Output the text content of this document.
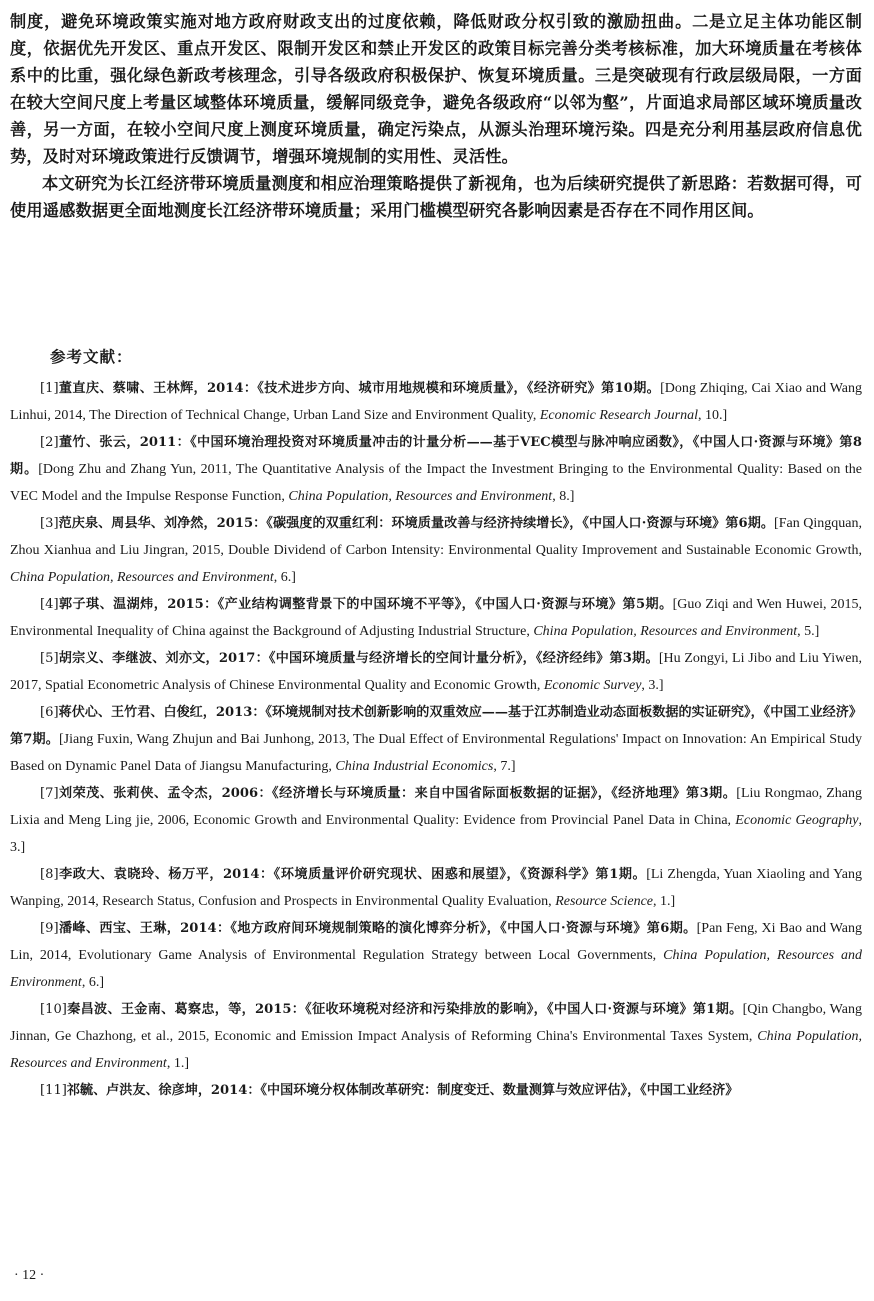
制度，避免环境政策实施对地方政府财政支出的过度依赖，降低财政分权引致的激励扭曲。二是立足主体功能区制度，依据优先开发区、重点开发区、限制开发区和禁止开发区的政策目标完善分类考核标准，加大环境质量在考核体系中的比重，强化绿色新政考核理念，引导各级政府积极保护、恢复环境质量。三是突破现有行政层级局限，一方面在较大空间尺度上考量区域整体环境质量，缓解同级竞争，避免各级政府“以邻为壑”，片面追求局部区域环境质量改善，另一方面，在较小空间尺度上测度环境质量，确定污染点，从源头治理环境污染。四是充分利用基层政府信息优势，及时对环境政策进行反馈调节，增强环境规制的实用性、灵活性。

本文研究为长江经济带环境质量测度和相应治理策略提供了新视角，也为后续研究提供了新思路：若数据可得，可使用遥感数据更全面地测度长江经济带环境质量；采用门槛模型研究各影响因素是否存在不同作用区间。

参考文献：

[1]董直庆、蔡啸、王林辉，2014：《技术进步方向、城市用地规模和环境质量》，《经济研究》第10期。[Dong Zhiqing, Cai Xiao and Wang Linhui, 2014, The Direction of Technical Change, Urban Land Size and Environment Quality, Economic Research Journal, 10.]

[2]董竹、张云，2011：《中国环境治理投资对环境质量冲击的计量分析——基于VEC模型与脉冲响应函数》，《中国人口·资源与环境》第8期。[Dong Zhu and Zhang Yun, 2011, The Quantitative Analysis of the Impact the Investment Bringing to the Environmental Quality: Based on the VEC Model and the Impulse Response Function, China Population, Resources and Environment, 8.]

[3]范庆泉、周县华、刘净然，2015：《碳强度的双重红利：环境质量改善与经济持续增长》，《中国人口·资源与环境》第6期。[Fan Qingquan, Zhou Xianhua and Liu Jingran, 2015, Double Dividend of Carbon Intensity: Environmental Quality Improvement and Sustainable Economic Growth, China Population, Resources and Environment, 6.]

[4]郭子琪、温湖炜，2015：《产业结构调整背景下的中国环境不平等》，《中国人口·资源与环境》第5期。[Guo Ziqi and Wen Huwei, 2015, Environmental Inequality of China against the Background of Adjusting Industrial Structure, China Population, Resources and Environment, 5.]

[5]胡宗义、李继波、刘亦文，2017：《中国环境质量与经济增长的空间计量分析》，《经济经纬》第3期。[Hu Zongyi, Li Jibo and Liu Yiwen, 2017, Spatial Econometric Analysis of Chinese Environmental Quality and Economic Growth, Economic Survey, 3.]

[6]蒋伏心、王竹君、白俊红，2013：《环境规制对技术创新影响的双重效应——基于江苏制造业动态面板数据的实证研究》，《中国工业经济》第7期。[Jiang Fuxin, Wang Zhujun and Bai Junhong, 2013, The Dual Effect of Environmental Regulations' Impact on Innovation: An Empirical Study Based on Dynamic Panel Data of Jiangsu Manufacturing, China Industrial Economics, 7.]

[7]刘荣茂、张莉侠、孟令杰，2006：《经济增长与环境质量：来自中国省际面板数据的证据》，《经济地理》第3期。[Liu Rongmao, Zhang Lixia and Meng Ling jie, 2006, Economic Growth and Environmental Quality: Evidence from Provincial Panel Data in China, Economic Geography, 3.]

[8]李政大、袁晓玲、杨万平，2014：《环境质量评价研究现状、困惑和展望》，《资源科学》第1期。[Li Zhengda, Yuan Xiaoling and Yang Wanping, 2014, Research Status, Confusion and Prospects in Environmental Quality Evaluation, Resource Science, 1.]

[9]潘峰、西宝、王琳，2014：《地方政府间环境规制策略的演化博弈分析》，《中国人口·资源与环境》第6期。[Pan Feng, Xi Bao and Wang Lin, 2014, Evolutionary Game Analysis of Environmental Regulation Strategy between Local Governments, China Population, Resources and Environment, 6.]

[10]秦昌波、王金南、葛察忠，等，2015：《征收环境税对经济和污染排放的影响》，《中国人口·资源与环境》第1期。[Qin Changbo, Wang Jinnan, Ge Chazhong, et al., 2015, Economic and Emission Impact Analysis of Reforming China's Environmental Taxes System, China Population, Resources and Environment, 1.]

[11]祁毓、卢洪友、徐彦坤，2014：《中国环境分权体制改革研究：制度变迁、数量测算与效应评估》，《中国工业经济》

· 12 ·
